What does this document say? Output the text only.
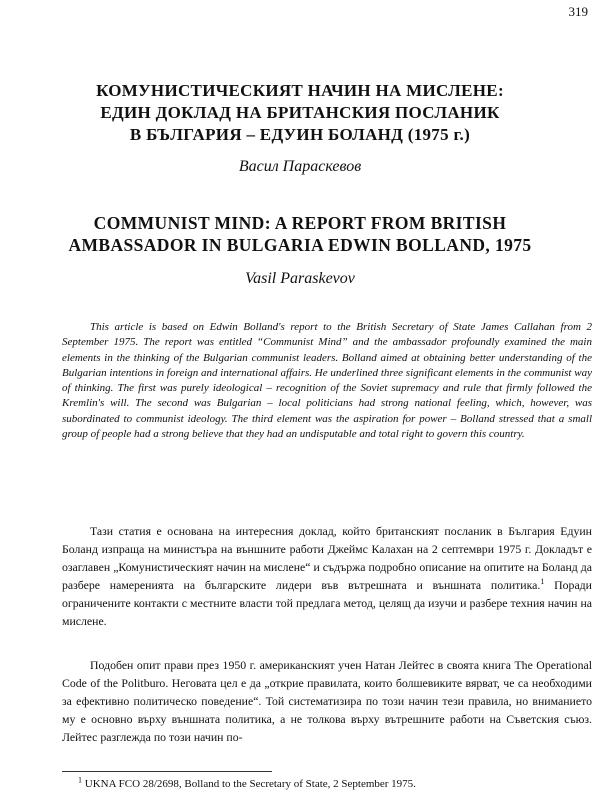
319
КОМУНИСТИЧЕСКИЯТ НАЧИН НА МИСЛЕНЕ:
ЕДИН ДОКЛАД НА БРИТАНСКИЯ ПОСЛАНИК
В БЪЛГАРИЯ – ЕДУИН БОЛАНД (1975 г.)
Васил Параскевов
COMMUNIST MIND: A REPORT FROM BRITISH
AMBASSADOR IN BULGARIA EDWIN BOLLAND, 1975
Vasil Paraskevov

This article is based on Edwin Bolland's report to the British Secretary of State James Callahan from 2 September 1975. The report was entitled “Communist Mind” and the ambassador profoundly examined the main elements in the thinking of the Bulgarian communist leaders. Bolland aimed at obtaining better understanding of the Bulgarian intentions in foreign and international affairs. He underlined three significant elements in the communist way of thinking. The first was purely ideological – recognition of the Soviet supremacy and rule that firmly followed the Kremlin's will. The second was Bulgarian – local politicians had strong national feeling, which, however, was subordinated to communist ideology. The third element was the aspiration for power – Bolland stressed that a small group of people had a strong believe that they had an undisputable and total right to govern this country.

Тази статия е основана на интересния доклад, който британският посланик в България Едуин Боланд изпраща на министъра на външните работи Джеймс Калахан на 2 септември 1975 г. Докладът е озаглавен „Комунистическият начин на мислене“ и съдържа подробно описание на опитите на Боланд да разбере намеренията на българските лидери във вътрешната и външната политика.$^1$ Поради ограничените контакти с местните власти той предлага метод, целящ да изучи и разбере техния начин на мислене.

Подобен опит прави през 1950 г. американският учен Натан Лейтес в своята книга The Operational Code of the Politburo. Неговата цел е да „открие правилата, които болшевиките вярват, че са необходими за ефективно политическо поведение“. Той систематизира по този начин тези правила, но вниманието му е основно върху външната политика, а не толкова върху вътрешните работи на Съветския съюз. Лейтес разглежда по този начин по-

$^1$ UKNA FCO 28/2698, Bolland to the Secretary of State, 2 September 1975.
